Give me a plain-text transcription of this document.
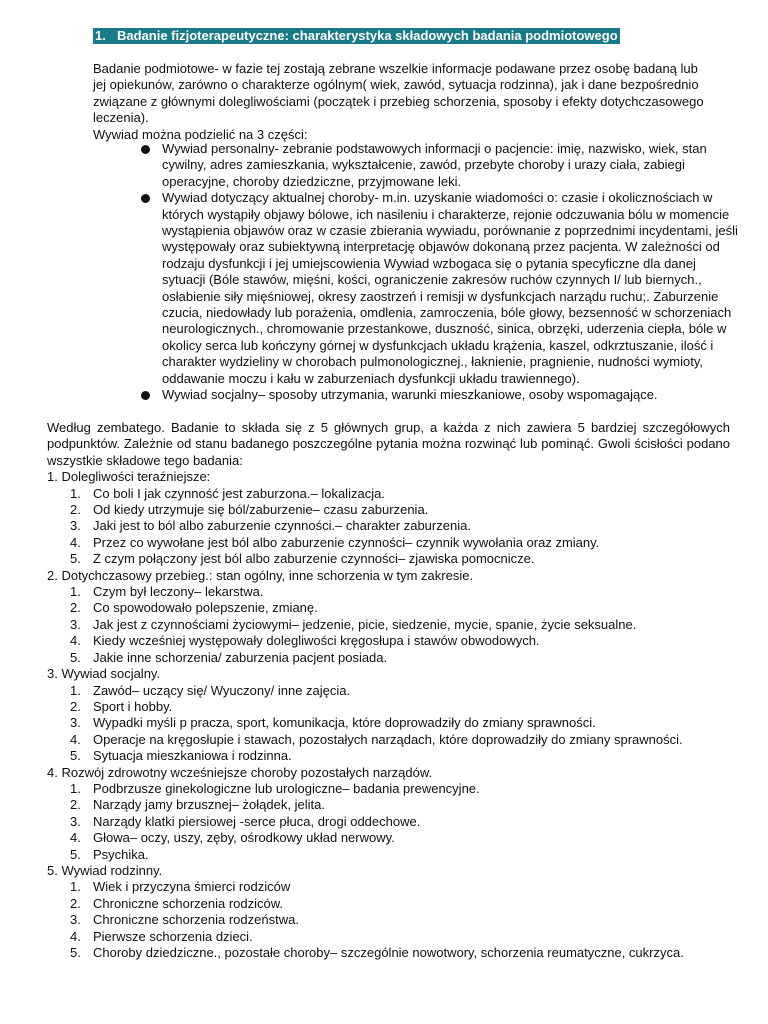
1. Badanie fizjoterapeutyczne: charakterystyka składowych badania podmiotowego

Badanie podmiotowe- w fazie tej zostają zebrane wszelkie informacje podawane przez osobę badaną lub jej opiekunów, zarówno o charakterze ogólnym( wiek, zawód, sytuacja rodzinna), jak i dane bezpośrednio związane z głównymi dolegliwościami (początek i przebieg schorzenia, sposoby i efekty dotychczasowego leczenia).

Wywiad można podzielić na 3 części:

Wywiad personalny- zebranie podstawowych informacji o pacjencie: imię, nazwisko, wiek, stan cywilny, adres zamieszkania, wykształcenie, zawód, przebyte choroby i urazy ciała, zabiegi operacyjne, choroby dziedziczne, przyjmowane leki.
Wywiad dotyczący aktualnej choroby- m.in. uzyskanie wiadomości o: czasie i okolicznościach w których wystąpiły objawy bólowe, ich nasileniu i charakterze, rejonie odczuwania bólu w momencie wystąpienia objawów oraz w czasie zbierania wywiadu, porównanie z poprzednimi incydentami, jeśli występowały oraz subiektywną interpretację objawów dokonaną przez pacjenta. W zależności od rodzaju dysfunkcji i jej umiejscowienia Wywiad wzbogaca się o pytania specyficzne dla danej sytuacji (Bóle stawów, mięśni, kości, ograniczenie zakresów ruchów czynnych I/ lub biernych., osłabienie siły mięśniowej, okresy zaostrzeń i remisji w dysfunkcjach narządu ruchu;. Zaburzenie czucia, niedowłady lub porażenia, omdlenia, zamroczenia, bóle głowy, bezsenność w schorzeniach neurologicznych., chromowanie przestankowe, duszność, sinica, obrzęki, uderzenia ciepła, bóle w okolicy serca lub kończyny górnej w dysfunkcjach układu krążenia, kaszel, odkrztuszanie, ilość i charakter wydzieliny w chorobach pulmonologicznej., łaknienie, pragnienie, nudności wymioty, oddawanie moczu i kału w zaburzeniach dysfunkcji układu trawiennego).
Wywiad socjalny– sposoby utrzymania, warunki mieszkaniowe, osoby wspomagające.

Według zembatego. Badanie to składa się z 5 głównych grup, a każda z nich zawiera 5 bardziej szczegółowych podpunktów. Zależnie od stanu badanego poszczególne pytania można rozwinąć lub pominąć. Gwoli ścisłości podano wszystkie składowe tego badania:

1. Dolegliwości teraźniejsze:

1. Co boli I jak czynność jest zaburzona.– lokalizacja.
2. Od kiedy utrzymuje się ból/zaburzenie– czasu zaburzenia.
3. Jaki jest to ból albo zaburzenie czynności.– charakter zaburzenia.
4. Przez co wywołane jest ból albo zaburzenie czynności– czynnik wywołania oraz zmiany.
5. Z czym połączony jest ból albo zaburzenie czynności– zjawiska pomocnicze.

2. Dotychczasowy przebieg.: stan ogólny, inne schorzenia w tym zakresie.

1. Czym był leczony– lekarstwa.
2. Co spowodowało polepszenie, zmianę.
3. Jak jest z czynnościami życiowymi– jedzenie, picie, siedzenie, mycie, spanie, życie seksualne.
4. Kiedy wcześniej występowały dolegliwości kręgosłupa i stawów obwodowych.
5. Jakie inne schorzenia/ zaburzenia pacjent posiada.

3. Wywiad socjalny.

1. Zawód– uczący się/ Wyuczony/ inne zajęcia.
2. Sport i hobby.
3. Wypadki myśli p pracza, sport, komunikacja, które doprowadziły do zmiany sprawności.
4. Operacje na kręgosłupie i stawach, pozostałych narządach, które doprowadziły do zmiany sprawności.
5. Sytuacja mieszkaniowa i rodzinna.

4. Rozwój zdrowotny wcześniejsze choroby pozostałych narządów.

1. Podbrzusze ginekologiczne lub urologiczne– badania prewencyjne.
2. Narządy jamy brzusznej– żołądek, jelita.
3. Narządy klatki piersiowej -serce płuca, drogi oddechowe.
4. Głowa– oczy, uszy, zęby, ośrodkowy układ nerwowy.
5. Psychika.

5. Wywiad rodzinny.

1. Wiek i przyczyna śmierci rodziców
2. Chroniczne schorzenia rodziców.
3. Chroniczne schorzenia rodzeństwa.
4. Pierwsze schorzenia dzieci.
5. Choroby dziedziczne., pozostałe choroby– szczególnie nowotwory, schorzenia reumatyczne, cukrzyca.
